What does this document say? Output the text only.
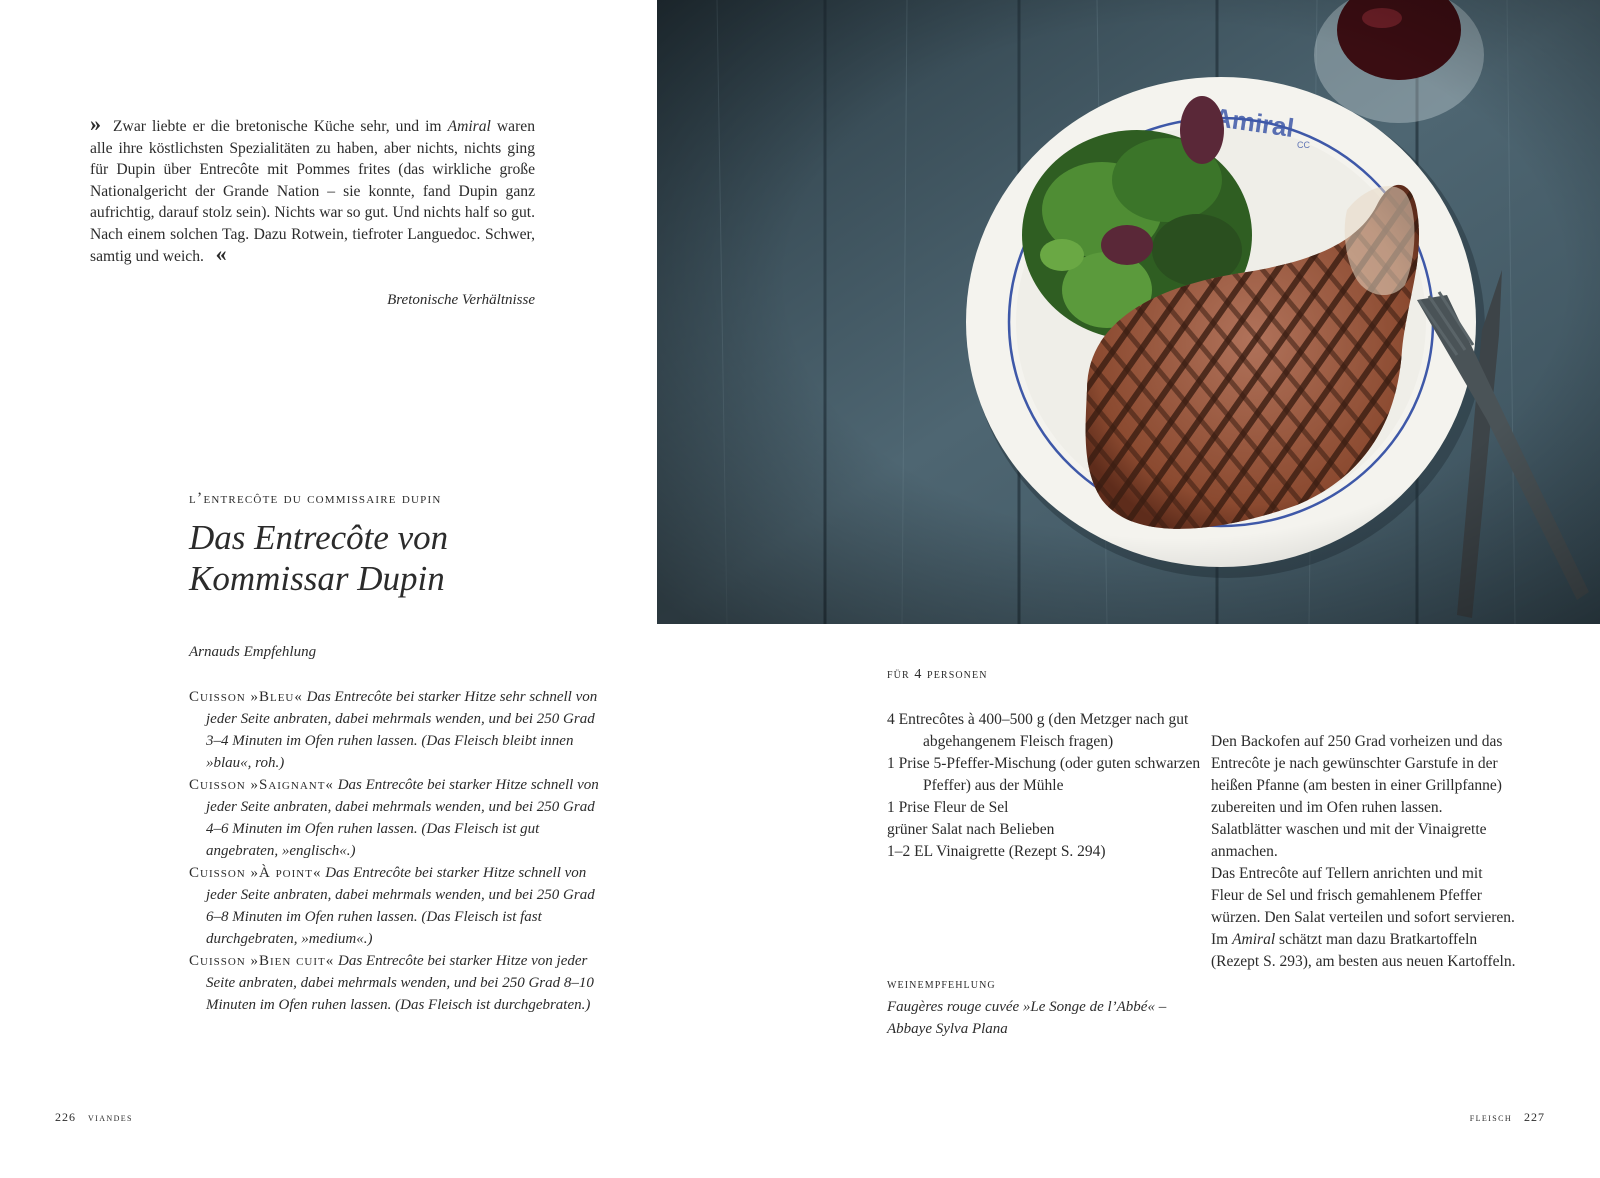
» Zwar liebte er die bretonische Küche sehr, und im Amiral waren alle ihre köstlichsten Spezialitäten zu haben, aber nichts, nichts ging für Dupin über Entrecôte mit Pommes frites (das wirkliche große Nationalgericht der Grande Nation – sie konnte, fand Dupin ganz aufrichtig, darauf stolz sein). Nichts war so gut. Und nichts half so gut. Nach einem solchen Tag. Dazu Rotwein, tiefroter Languedoc. Schwer, samtig und weich. «
Bretonische Verhältnisse
l’entrecôte du commissaire dupin
Das Entrecôte von
Kommissar Dupin
Arnauds Empfehlung

Cuisson »Bleu« Das Entrecôte bei starker Hitze sehr schnell von jeder Seite anbraten, dabei mehrmals wenden, und bei 250 Grad 3–4 Minuten im Ofen ruhen lassen. (Das Fleisch bleibt innen »blau«, roh.)

Cuisson »Saignant« Das Entrecôte bei starker Hitze schnell von jeder Seite anbraten, dabei mehrmals wenden, und bei 250 Grad 4–6 Minuten im Ofen ruhen lassen. (Das Fleisch ist gut angebraten, »englisch«.)

Cuisson »À point« Das Entrecôte bei starker Hitze schnell von jeder Seite anbraten, dabei mehrmals wenden, und bei 250 Grad 6–8 Minuten im Ofen ruhen lassen. (Das Fleisch ist fast durchgebraten, »medium«.)

Cuisson »Bien cuit« Das Entrecôte bei starker Hitze von jeder Seite anbraten, dabei mehrmals wenden, und bei 250 Grad 8–10 Minuten im Ofen ruhen lassen. (Das Fleisch ist durchgebraten.)

für 4 personen
4 Entrecôtes à 400–500 g (den Metzger nach gut abgehangenem Fleisch fragen)
1 Prise 5-Pfeffer-Mischung (oder guten schwarzen Pfeffer) aus der Mühle
1 Prise Fleur de Sel
grüner Salat nach Belieben
1–2 EL Vinaigrette (Rezept S. 294)
weinempfehlung
Faugères rouge cuvée »Le Songe de l’Abbé« – Abbaye Sylva Plana

Den Backofen auf 250 Grad vorheizen und das Entrecôte je nach gewünschter Garstufe in der heißen Pfanne (am besten in einer Grillpfanne) zubereiten und im Ofen ruhen lassen.

Salatblätter waschen und mit der Vinaigrette anmachen.

Das Entrecôte auf Tellern anrichten und mit Fleur de Sel und frisch gemahlenem Pfeffer würzen. Den Salat verteilen und sofort servieren.

Im Amiral schätzt man dazu Bratkartoffeln (Rezept S. 293), am besten aus neuen Kartoffeln.

226 viandes	fleisch 227
